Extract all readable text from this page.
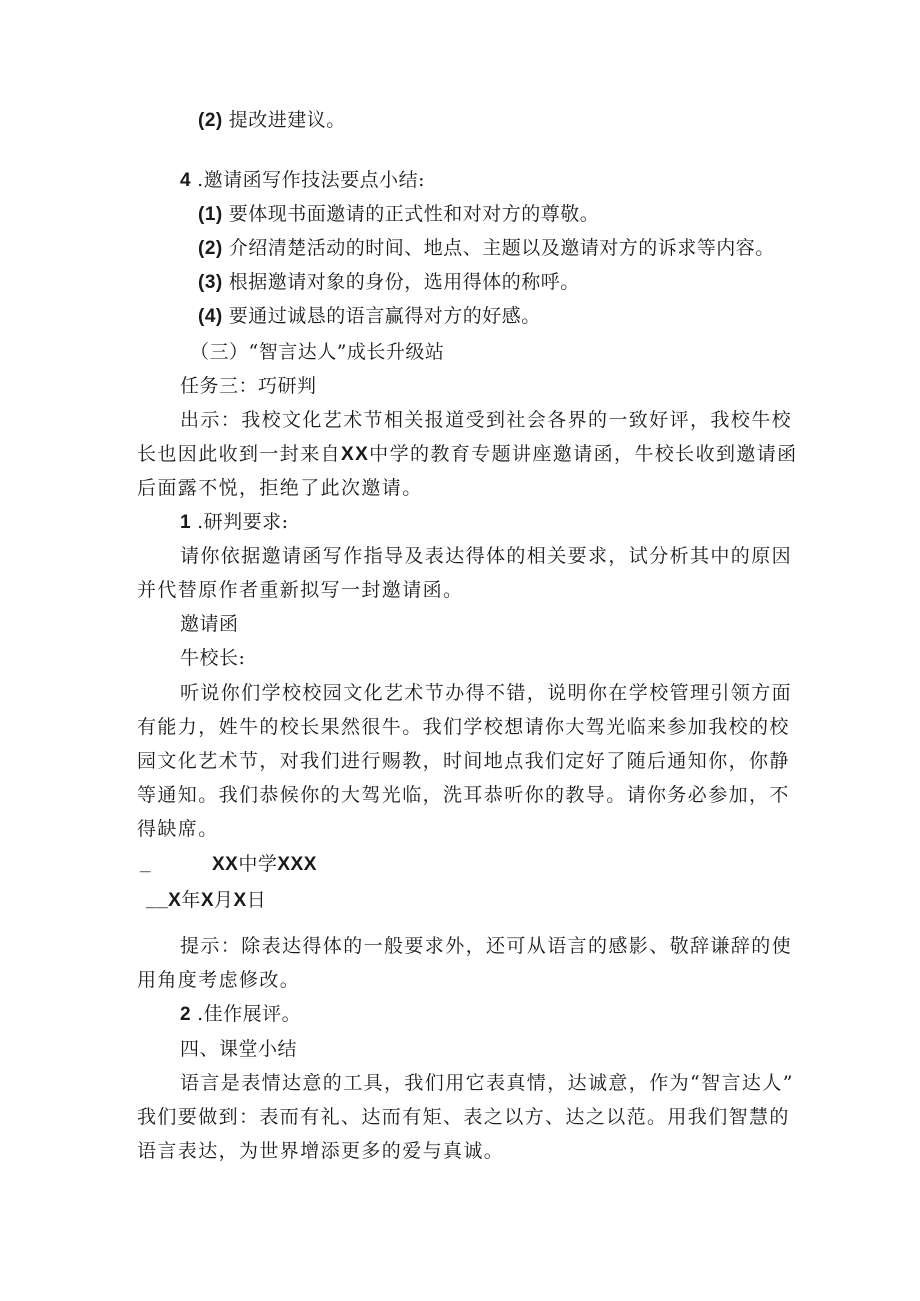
(2) 提改进建议。
4 .邀请函写作技法要点小结:
(1) 要体现书面邀请的正式性和对对方的尊敬。
(2) 介绍清楚活动的时间、地点、主题以及邀请对方的诉求等内容。
(3) 根据邀请对象的身份，选用得体的称呼。
(4) 要通过诚恳的语言赢得对方的好感。
（三）“智言达人”成长升级站
任务三：巧研判
出示：我校文化艺术节相关报道受到社会各界的一致好评，我校牛校
长也因此收到一封来自XX中学的教育专题讲座邀请函，牛校长收到邀请函
后面露不悦，拒绝了此次邀请。
1 .研判要求:
请你依据邀请函写作指导及表达得体的相关要求，试分析其中的原因
并代替原作者重新拟写一封邀请函。
邀请函
牛校长:
听说你们学校校园文化艺术节办得不错，说明你在学校管理引领方面
有能力，姓牛的校长果然很牛。我们学校想请你大驾光临来参加我校的校
园文化艺术节，对我们进行赐教，时间地点我们定好了随后通知你，你静
等通知。我们恭候你的大驾光临，洗耳恭听你的教导。请你务必参加，不
得缺席。
_	XX中学XXX
__X年X月X日
提示：除表达得体的一般要求外，还可从语言的感影、敬辞谦辞的使
用角度考虑修改。
2 .佳作展评。
四、课堂小结
语言是表情达意的工具，我们用它表真情，达诚意，作为“智言达人”
我们要做到：表而有礼、达而有矩、表之以方、达之以范。用我们智慧的
语言表达，为世界增添更多的爱与真诚。
